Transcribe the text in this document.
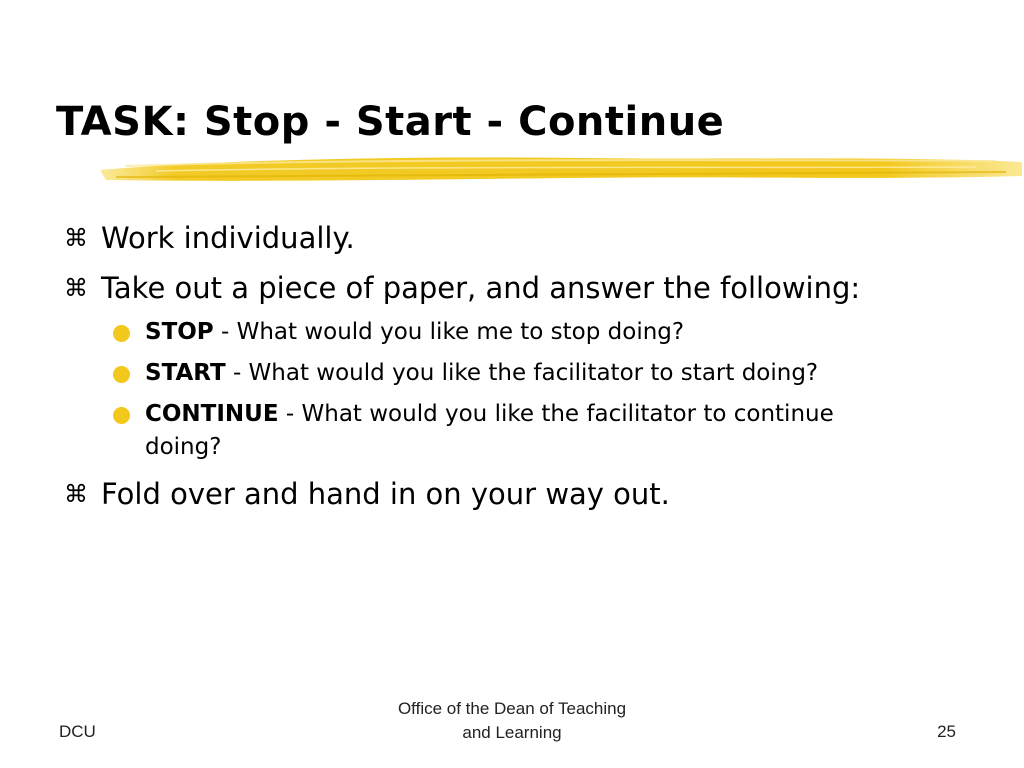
TASK: Stop - Start - Continue
⌘ Work individually.
⌘ Take out a piece of paper, and answer the following:
STOP - What would you like me to stop doing?
START - What would you like the facilitator to start doing?
CONTINUE - What would you like the facilitator to continue doing?
⌘ Fold over and hand in on your way out.
DCU
Office of the Dean of Teaching
and Learning	25
